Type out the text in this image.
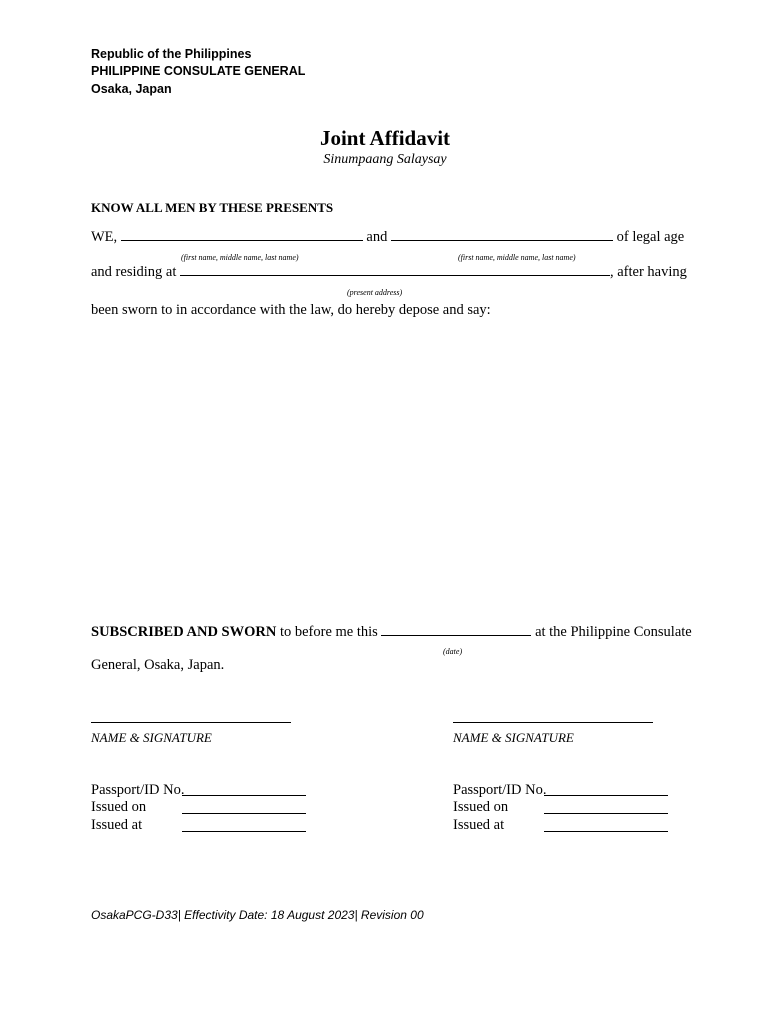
Republic of the Philippines
PHILIPPINE CONSULATE GENERAL
Osaka, Japan
Joint Affidavit
Sinumpaang Salaysay
KNOW ALL MEN BY THESE PRESENTS
WE,	and	of legal age
(first name, middle name, last name)	(first name, middle name, last name)
and residing at	, after having
(present address)
been sworn to in accordance with the law, do hereby depose and say:
SUBSCRIBED AND SWORN to before me this	at the Philippine Consulate
(date)
General, Osaka, Japan.
NAME & SIGNATURE
Passport/ID No.
Issued on
Issued at
NAME & SIGNATURE
Passport/ID No.
Issued on
Issued at
OsakaPCG-D33| Effectivity Date: 18 August 2023| Revision 00
